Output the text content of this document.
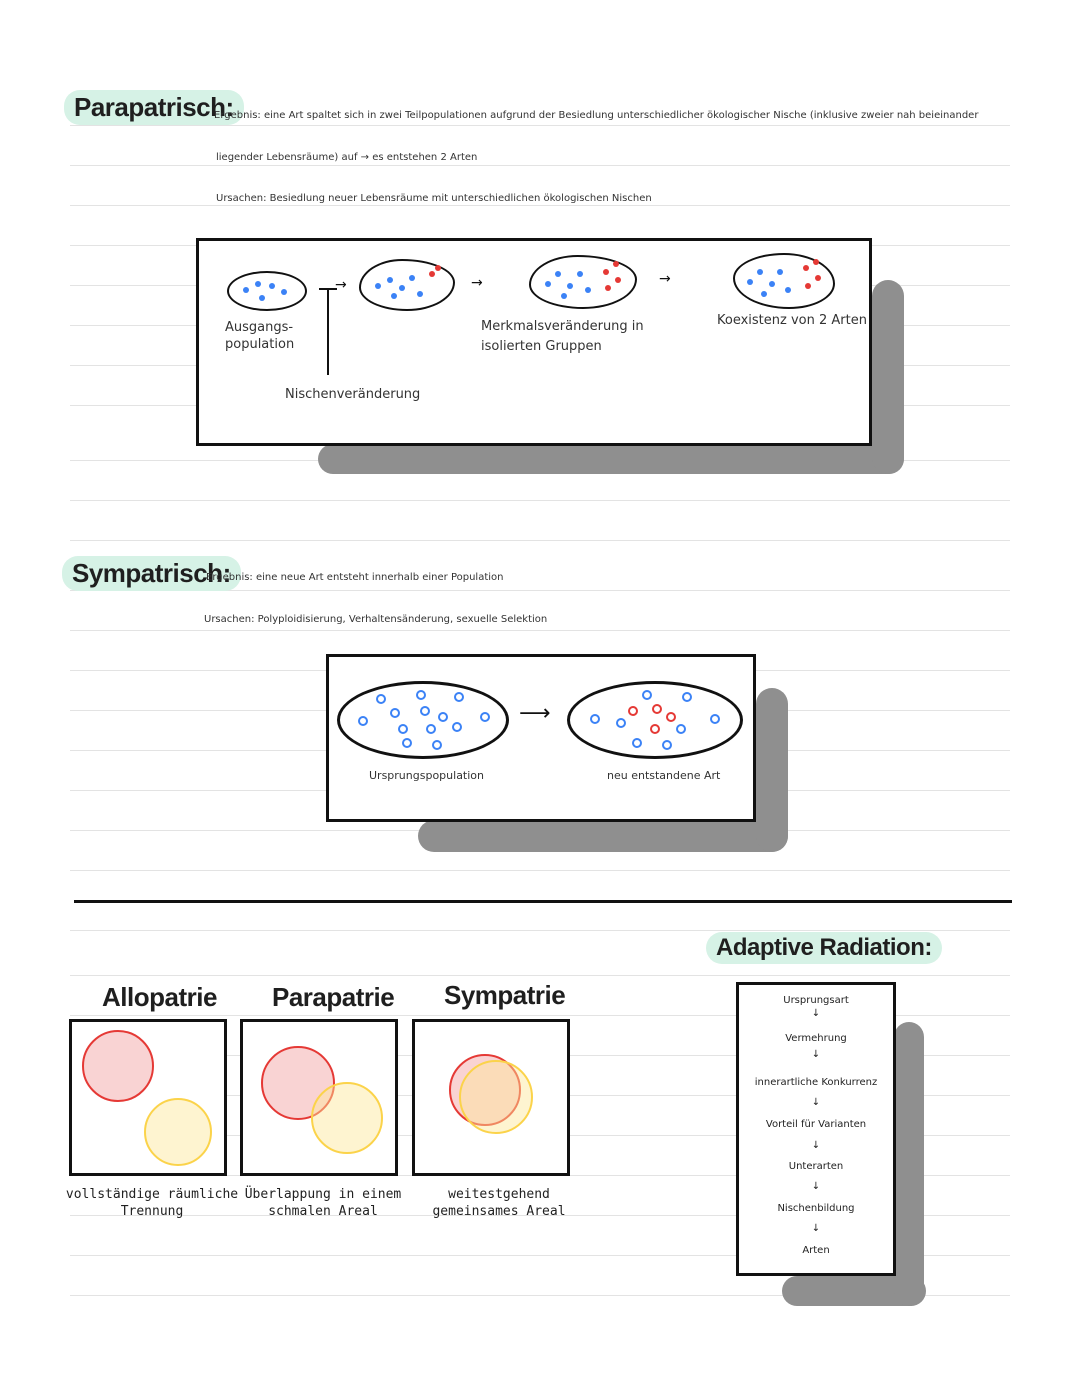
Parapatrisch:
Ergebnis: eine Art spaltet sich in zwei Teilpopulationen aufgrund der Besiedlung unterschiedlicher ökologischer Nische (inklusive zweier nah beieinander
liegender Lebensräume) auf → es entstehen 2 Arten
Ursachen: Besiedlung neuer Lebensräume mit unterschiedlichen ökologischen Nischen
Ausgangs-
population
→
Nischenveränderung
→
Merkmalsveränderung in
isolierten Gruppen
→
Koexistenz von 2 Arten
Sympatrisch:
Ergebnis: eine neue Art entsteht innerhalb einer Population
Ursachen: Polyploidisierung, Verhaltensänderung, sexuelle Selektion
Ursprungspopulation
⟶
neu entstandene Art
Allopatrie Parapatrie Sympatrie
vollständige räumliche
Trennung
Überlappung in einem
schmalen Areal
weitestgehend
gemeinsames Areal
Adaptive Radiation:
Ursprungsart
↓
Vermehrung
↓
innerartliche Konkurrenz
↓
Vorteil für Varianten
↓
Unterarten
↓
Nischenbildung
↓
Arten
